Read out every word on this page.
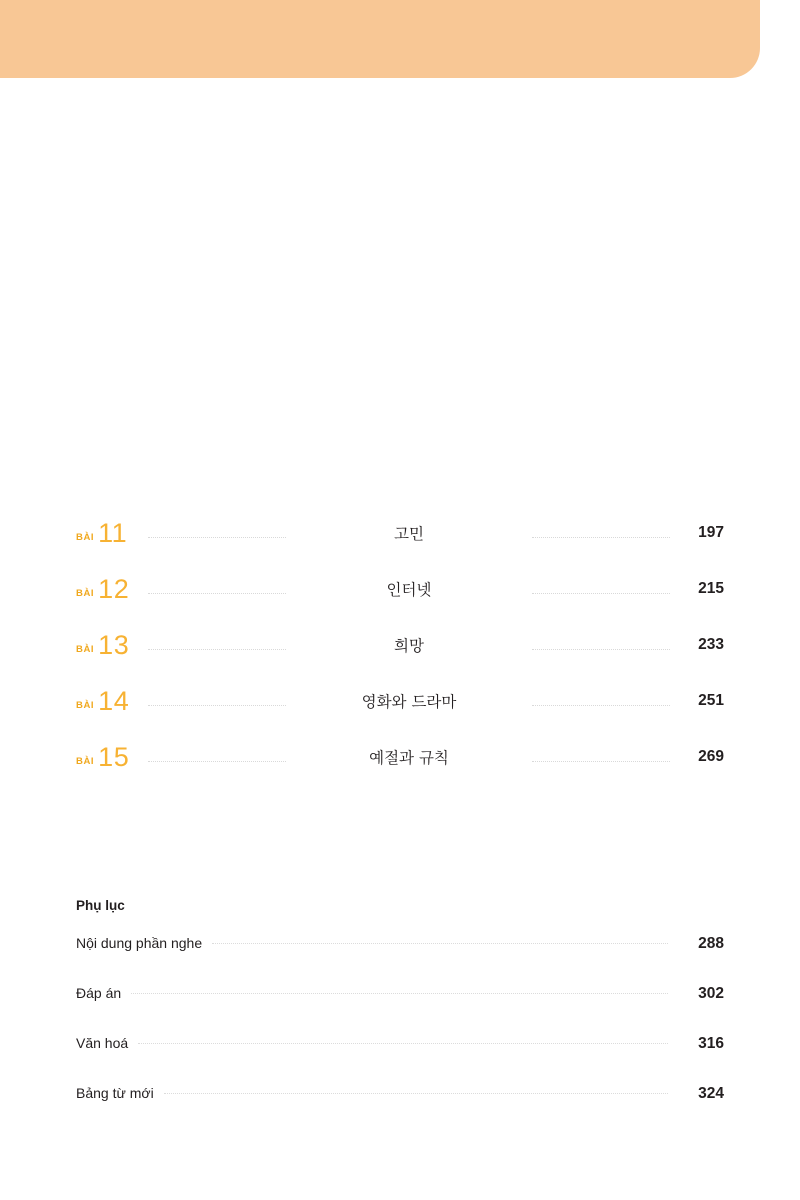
BÀI 11	고민	197
BÀI 12	인터넷	215
BÀI 13	희망	233
BÀI 14	영화와 드라마	251
BÀI 15	예절과 규칙	269
Phụ lục
Nội dung phần nghe	288
Đáp án	302
Văn hoá	316
Bảng từ mới	324
